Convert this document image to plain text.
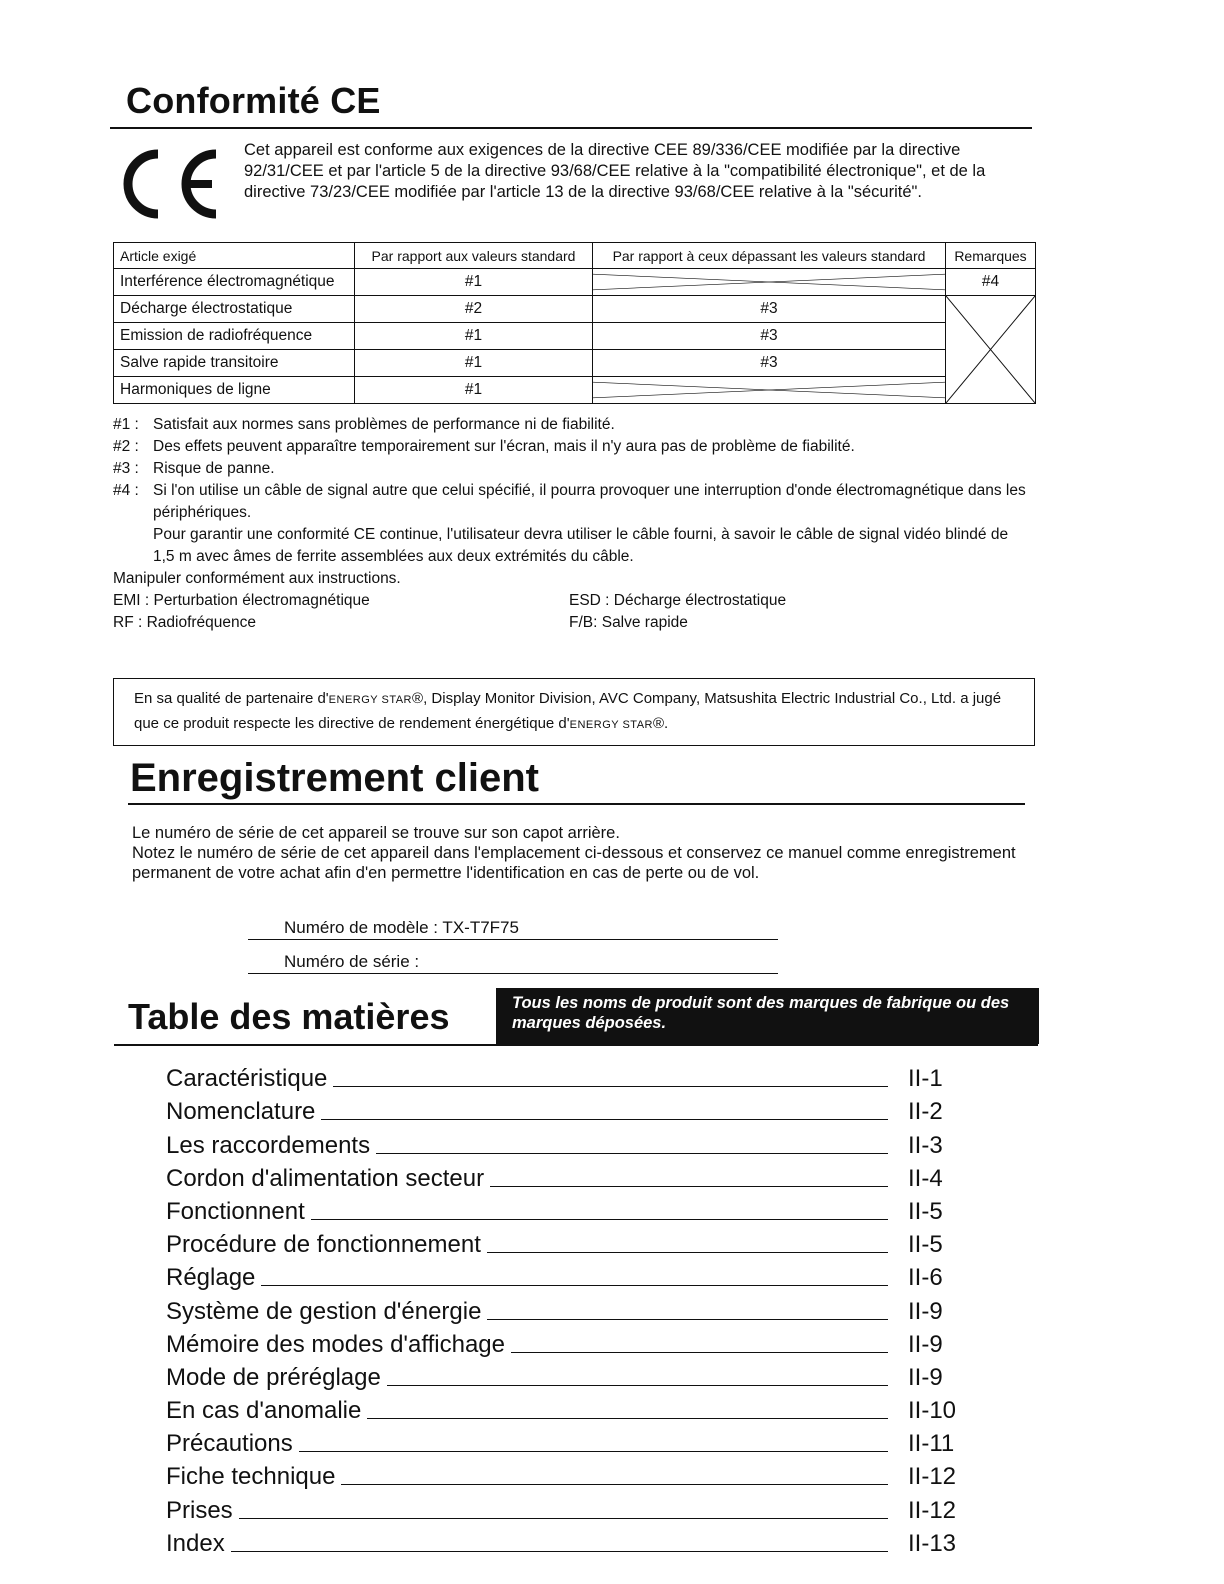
Conformité CE
Cet appareil est conforme aux exigences de la directive CEE 89/336/CEE modifiée par la directive 92/31/CEE et par l'article 5 de la directive 93/68/CEE relative à la "compatibilité électronique", et de la directive 73/23/CEE modifiée par l'article 13 de la directive 93/68/CEE relative à la "sécurité".
Article exigé	Par rapport aux valeurs standard	Par rapport à ceux dépassant les valeurs standard	Remarques
Interférence électromagnétique	#1		#4
Décharge électrostatique	#2	#3	

Emission de radiofréquence	#1	#3	
Salve rapide transitoire	#1	#3	
Harmoniques de ligne	#1	
#1 : Satisfait aux normes sans problèmes de performance ni de fiabilité.
#2 : Des effets peuvent apparaître temporairement sur l'écran, mais il n'y aura pas de problème de fiabilité.
#3 : Risque de panne.
#4 : Si l'on utilise un câble de signal autre que celui spécifié, il pourra provoquer une interruption d'onde électromagnétique dans les périphériques.
Pour garantir une conformité CE continue, l'utilisateur devra utiliser le câble fourni, à savoir le câble de signal vidéo blindé de 1,5 m avec âmes de ferrite assemblées aux deux extrémités du câble.
Manipuler conformément aux instructions.
EMI : Perturbation électromagnétique	ESD : Décharge électrostatique
RF : Radiofréquence	F/B: Salve rapide
En sa qualité de partenaire d'ENERGY STAR®, Display Monitor Division, AVC Company, Matsushita Electric Industrial Co., Ltd. a jugé que ce produit respecte les directive de rendement énergétique d'ENERGY STAR®.
Enregistrement client
Le numéro de série de cet appareil se trouve sur son capot arrière.
Notez le numéro de série de cet appareil dans l'emplacement ci-dessous et conservez ce manuel comme enregistrement permanent de votre achat afin d'en permettre l'identification en cas de perte ou de vol.
Numéro de modèle : TX-T7F75
Numéro de série :
Table des matières	Tous les noms de produit sont des marques de fabrique ou des marques déposées.
Caractéristique	II-1
Nomenclature	II-2
Les raccordements	II-3
Cordon d'alimentation secteur	II-4
Fonctionnent	II-5
Procédure de fonctionnement	II-5
Réglage	II-6
Système de gestion d'énergie	II-9
Mémoire des modes d'affichage	II-9
Mode de préréglage	II-9
En cas d'anomalie	II-10
Précautions	II-11
Fiche technique	II-12
Prises	II-12
Index	II-13
